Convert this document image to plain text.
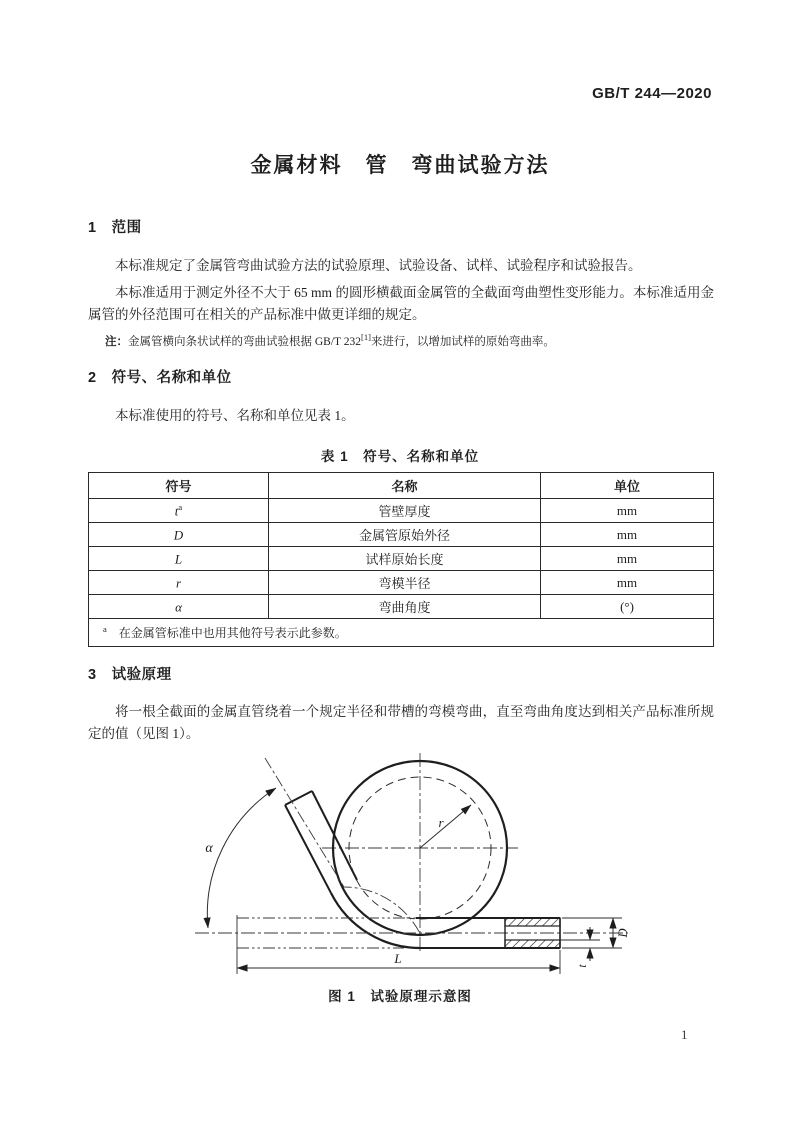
GB/T 244—2020
金属材料　管　弯曲试验方法
1　范围

本标准规定了金属管弯曲试验方法的试验原理、试验设备、试样、试验程序和试验报告。

本标准适用于测定外径不大于 65 mm 的圆形横截面金属管的全截面弯曲塑性变形能力。本标准适用金属管的外径范围可在相关的产品标准中做更详细的规定。

注：金属管横向条状试样的弯曲试验根据 GB/T 232[1]来进行，以增加试样的原始弯曲率。

2　符号、名称和单位

本标准使用的符号、名称和单位见表 1。

表 1　符号、名称和单位
符号	名称	单位
$t^a$	管壁厚度	mm
D	金属管原始外径	mm
L	试样原始长度	mm
r	弯模半径	mm
α	弯曲角度	(°)
$^a$　在金属管标准中也用其他符号表示此参数。		
3　试验原理

将一根全截面的金属直管绕着一个规定半径和带槽的弯模弯曲，直至弯曲角度达到相关产品标准所规定的值（见图 1）。

r
α
D
t
L
图 1　试验原理示意图
1
